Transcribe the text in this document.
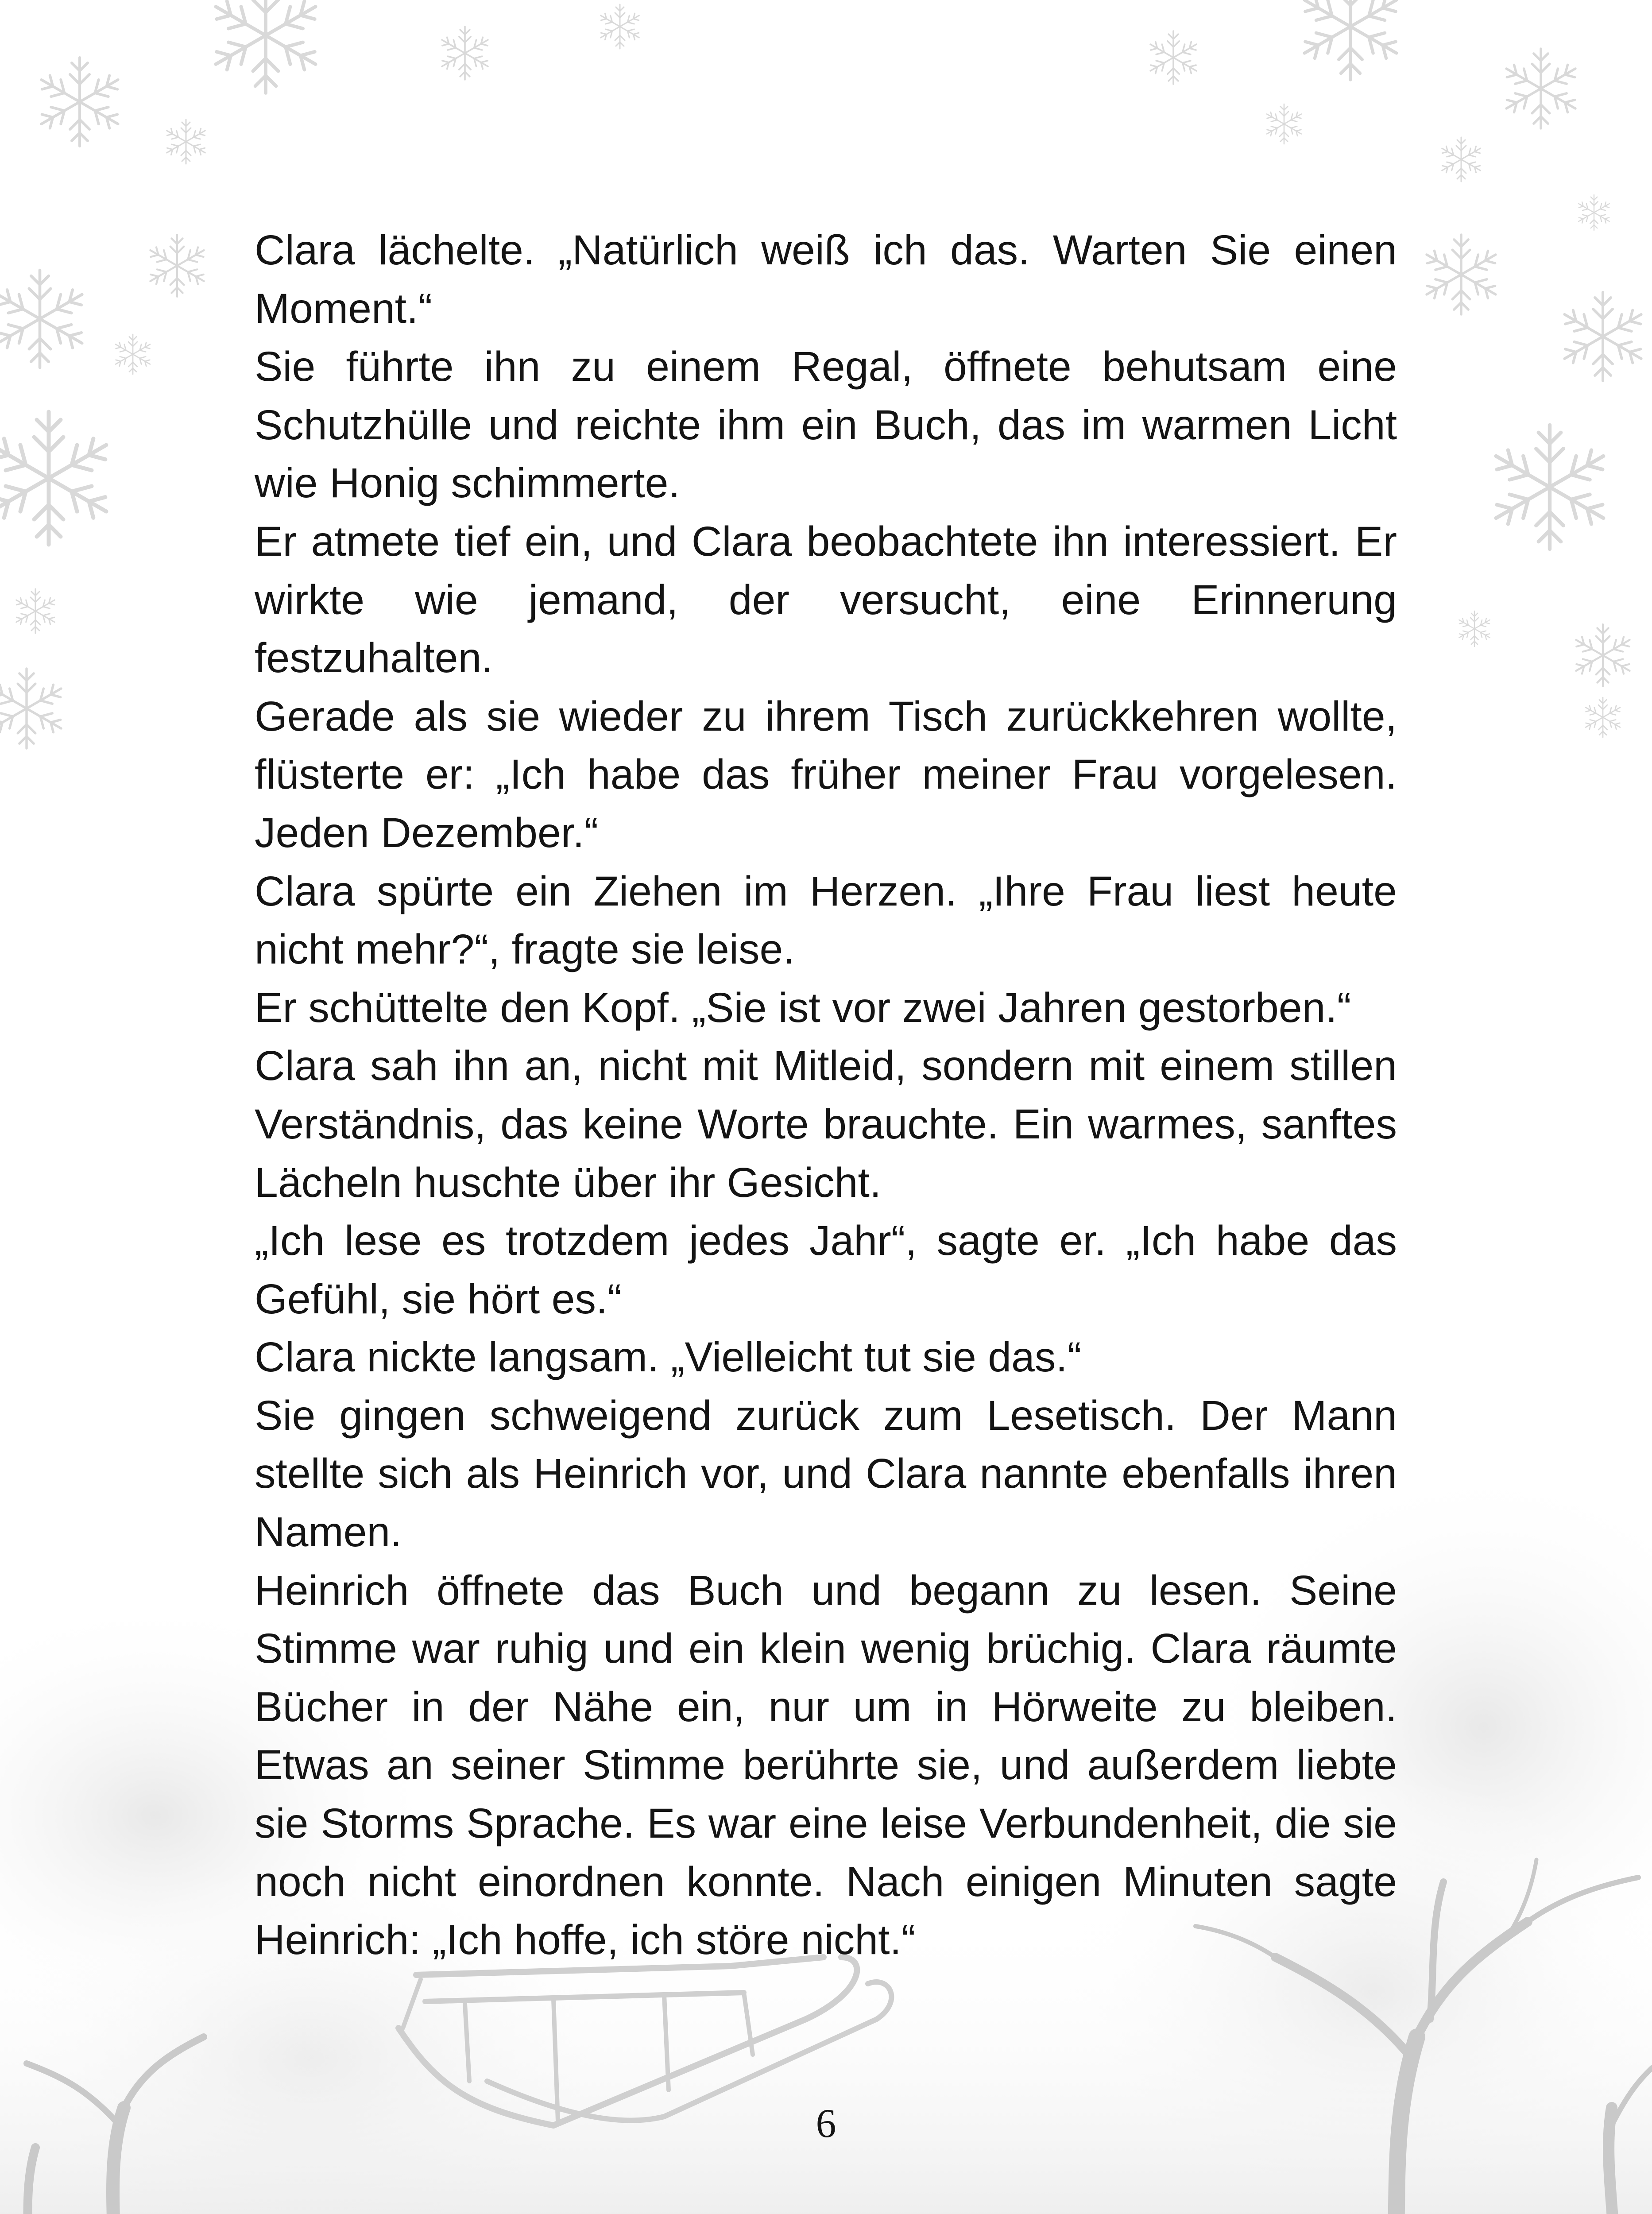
Clara lächelte. „Natürlich weiß ich das. Warten Sie einen Moment.“

Sie führte ihn zu einem Regal, öffnete behutsam eine Schutzhülle und reichte ihm ein Buch, das im warmen Licht wie Honig schimmerte.

Er atmete tief ein, und Clara beobachtete ihn interessiert. Er wirkte wie jemand, der versucht, eine Erinnerung festzuhalten.

Gerade als sie wieder zu ihrem Tisch zurückkehren wollte, flüsterte er: „Ich habe das früher meiner Frau vorgelesen. Jeden Dezember.“

Clara spürte ein Ziehen im Herzen. „Ihre Frau liest heute nicht mehr?“, fragte sie leise.

Er schüttelte den Kopf. „Sie ist vor zwei Jahren gestorben.“

Clara sah ihn an, nicht mit Mitleid, sondern mit einem stillen Verständnis, das keine Worte brauchte. Ein warmes, sanftes Lächeln huschte über ihr Gesicht.

„Ich lese es trotzdem jedes Jahr“, sagte er. „Ich habe das Gefühl, sie hört es.“

Clara nickte langsam. „Vielleicht tut sie das.“

Sie gingen schweigend zurück zum Lesetisch. Der Mann stellte sich als Heinrich vor, und Clara nannte ebenfalls ihren Namen.

Heinrich öffnete das Buch und begann zu lesen. Seine Stimme war ruhig und ein klein wenig brüchig. Clara räumte Bücher in der Nähe ein, nur um in Hörweite zu bleiben. Etwas an seiner Stimme berührte sie, und außerdem liebte sie Storms Sprache. Es war eine leise Verbundenheit, die sie noch nicht einordnen konnte. Nach einigen Minuten sagte Heinrich: „Ich hoffe, ich störe nicht.“

6
